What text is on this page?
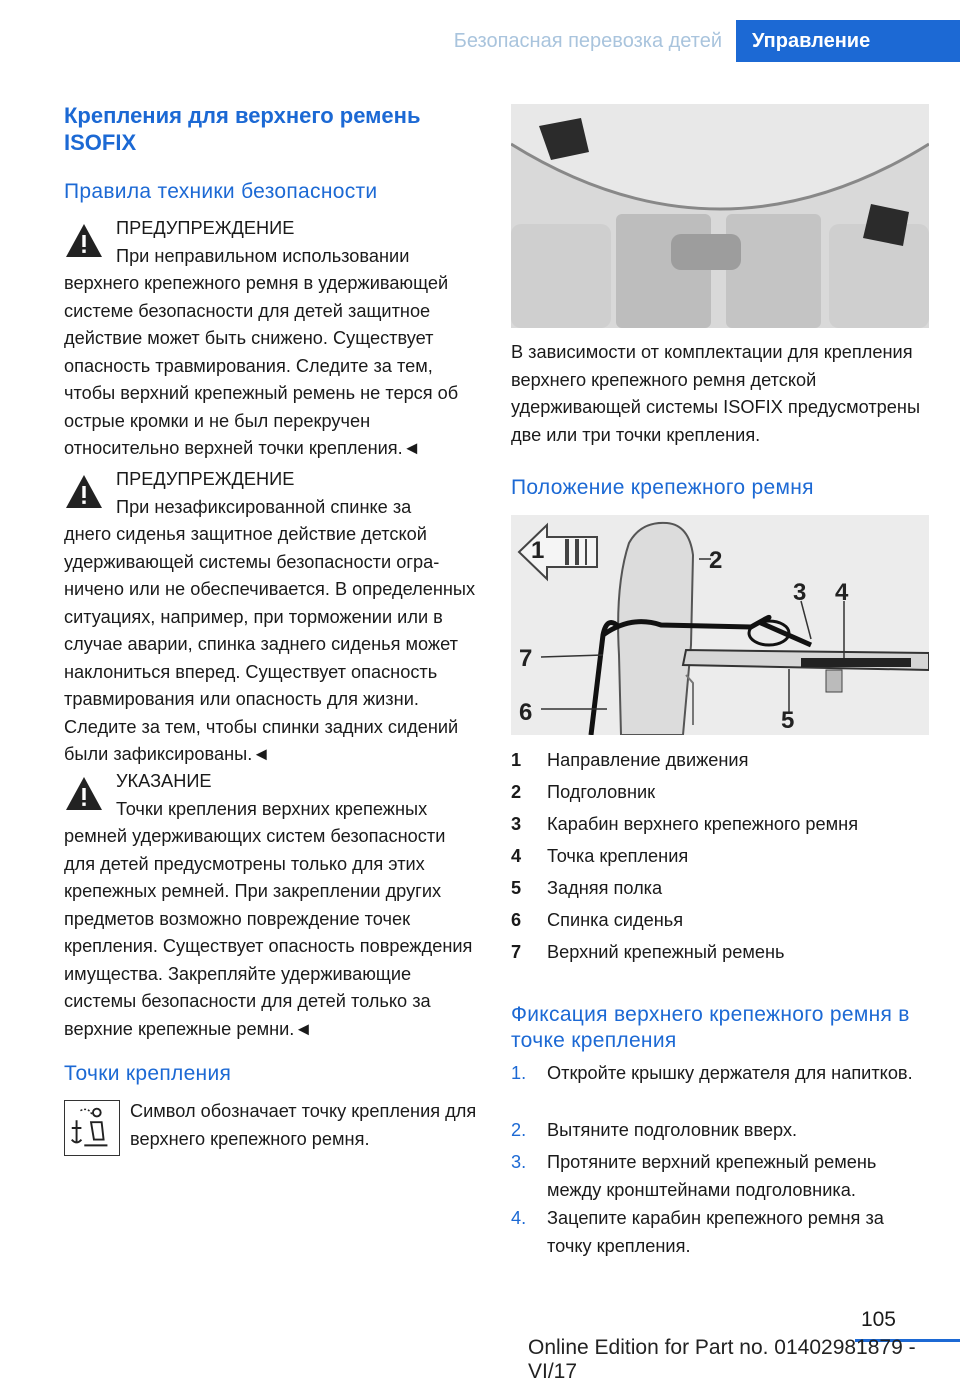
Безопасная перевозка детей	Управление
Крепления для верхнего ремень ISOFIX
Правила техники безопасности
ПРЕДУПРЕЖДЕНИЕ
При неправильном использовании
верхнего крепежного ремня в удерживающей системе безопасности для детей защитное действие может быть снижено. Существует опасность травмирования. Следите за тем, чтобы верхний крепежный ремень не терся об острые кромки и не был перекручен относительно верхней точки крепления.◄
ПРЕДУПРЕЖДЕНИЕ
При незафиксированной спинке за
днего сиденья защитное действие детской удерживающей системы безопасности ограничено или не обеспечивается. В определенных ситуациях, например, при торможении или в случае аварии, спинка заднего сиденья может наклониться вперед. Существует опасность травмирования или опасность для жизни. Следите за тем, чтобы спинки задних сидений были зафиксированы.◄
УКАЗАНИЕ
Точки крепления верхних крепежных
ремней удерживающих систем безопасности для детей предусмотрены только для этих крепежных ремней. При закреплении других предметов возможно повреждение точек крепления. Существует опасность повреждения имущества. Закрепляйте удерживающие системы безопасности для детей только за верхние крепежные ремни.◄
Точки крепления
Символ обозначает точку крепления для верхнего крепежного ремня.
В зависимости от комплектации для крепления верхнего крепежного ремня детской удерживающей системы ISOFIX предусмотрены две или три точки крепления.
Положение крепежного ремня
1	2
3 4
5
6
7
1 Направление движения
2 Подголовник
3 Карабин верхнего крепежного ремня
4 Точка крепления
5 Задняя полка
6 Спинка сиденья
7 Верхний крепежный ремень
Фиксация верхнего крепежного ремня в точке крепления
1. Откройте крышку держателя для напитков.
2. Вытяните подголовник вверх.
3. Протяните верхний крепежный ремень между кронштейнами подголовника.
4. Зацепите карабин крепежного ремня за точку крепления.
105
Online Edition for Part no. 01402981879 - VI/17
